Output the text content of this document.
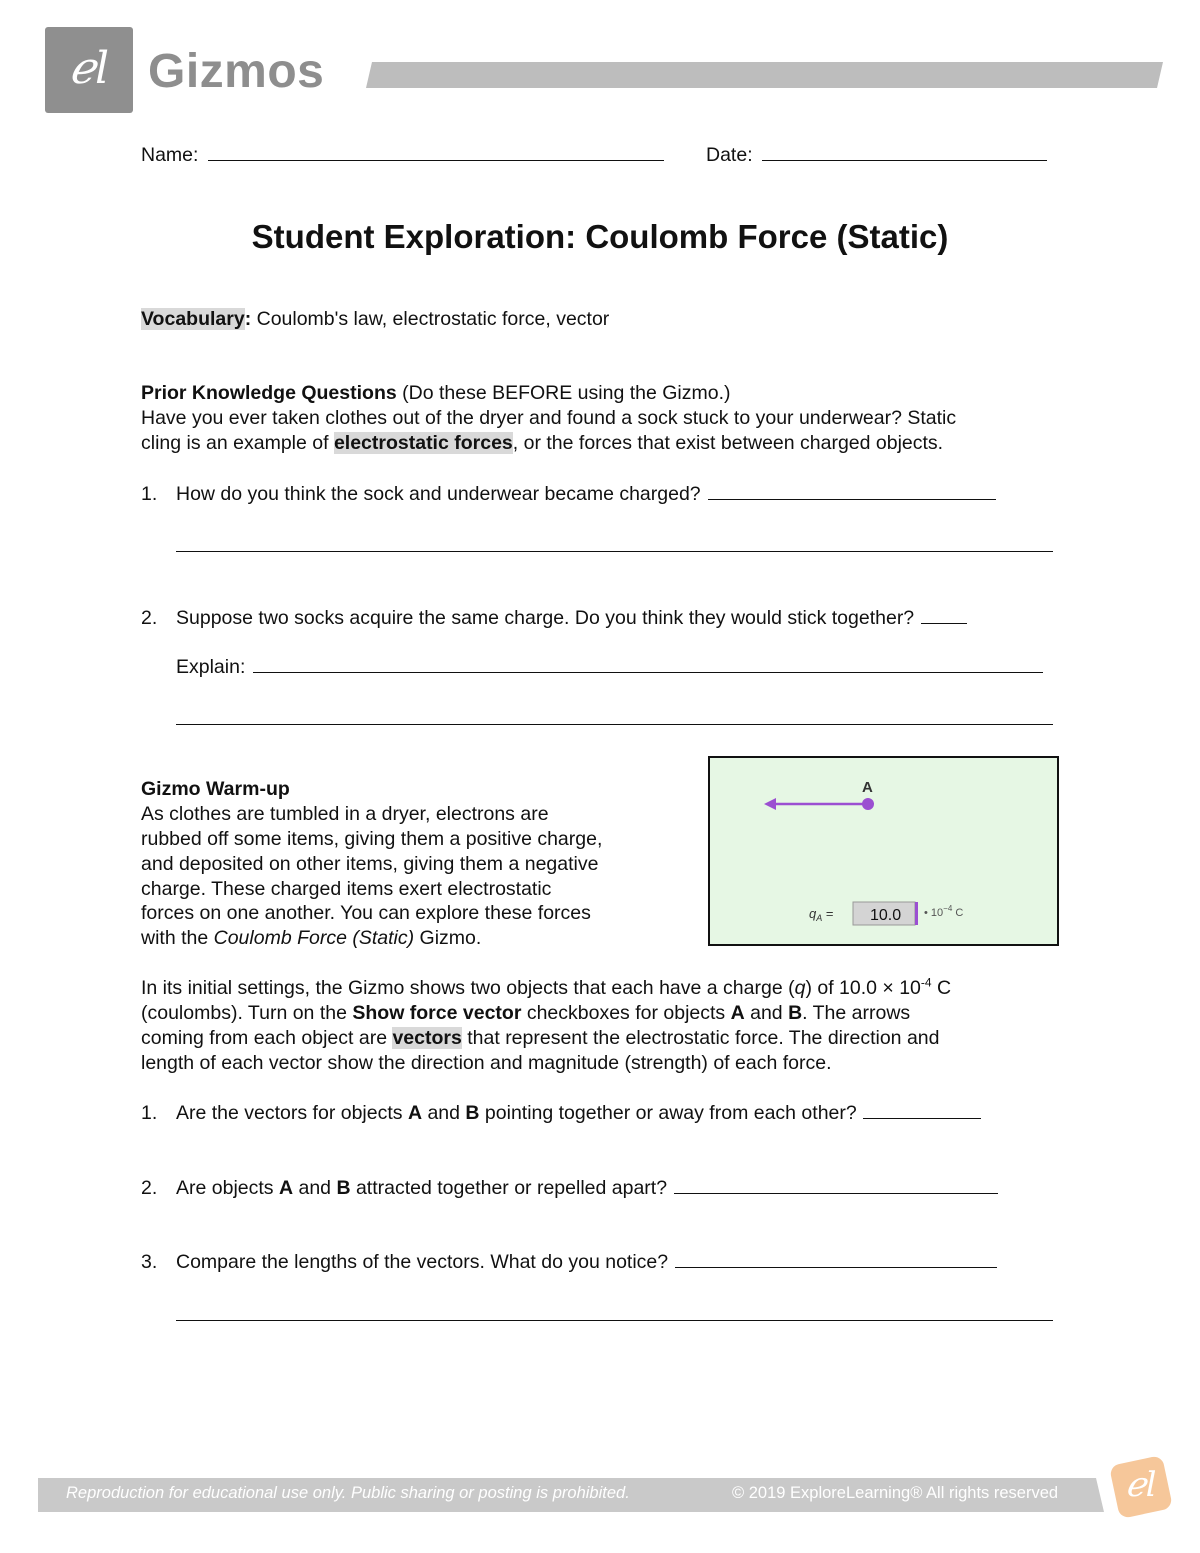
ℯl Gizmos
Name:	Date:
Student Exploration: Coulomb Force (Static)
Vocabulary: Coulomb's law, electrostatic force, vector
Prior Knowledge Questions (Do these BEFORE using the Gizmo.)
Have you ever taken clothes out of the dryer and found a sock stuck to your underwear? Static
cling is an example of electrostatic forces, or the forces that exist between charged objects.
1. How do you think the sock and underwear became charged?
2. Suppose two socks acquire the same charge. Do you think they would stick together?
Explain:
Gizmo Warm-up
As clothes are tumbled in a dryer, electrons are
rubbed off some items, giving them a positive charge,
and deposited on other items, giving them a negative
charge. These charged items exert electrostatic
forces on one another. You can explore these forces
with the Coulomb Force (Static) Gizmo.
A
$q_A = 10.0$ • $10^{-4}$ C
In its initial settings, the Gizmo shows two objects that each have a charge (q) of $10.0 \times 10^{-4}$ C
(coulombs). Turn on the Show force vector checkboxes for objects A and B. The arrows
coming from each object are vectors that represent the electrostatic force. The direction and
length of each vector show the direction and magnitude (strength) of each force.
1. Are the vectors for objects A and B pointing together or away from each other?
2. Are objects A and B attracted together or repelled apart?
3. Compare the lengths of the vectors. What do you notice?
Reproduction for educational use only. Public sharing or posting is prohibited.	© 2019 ExploreLearning® All rights reserved	ℯl
